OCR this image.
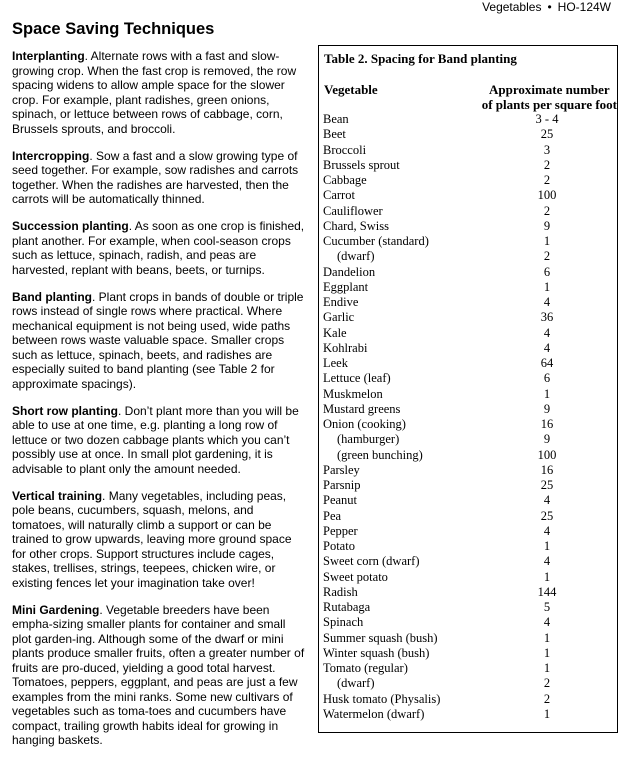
Vegetables • HO-124W
Space Saving Techniques
Interplanting. Alternate rows with a fast and slow-growing crop. When the fast crop is removed, the row spacing widens to allow ample space for the slower crop. For example, plant radishes, green onions, spinach, or lettuce between rows of cabbage, corn, Brussels sprouts, and broccoli.
Intercropping. Sow a fast and a slow growing type of seed together. For example, sow radishes and carrots together. When the radishes are harvested, then the carrots will be automatically thinned.
Succession planting. As soon as one crop is finished, plant another. For example, when cool-season crops such as lettuce, spinach, radish, and peas are harvested, replant with beans, beets, or turnips.
Band planting. Plant crops in bands of double or triple rows instead of single rows where practical. Where mechanical equipment is not being used, wide paths between rows waste valuable space. Smaller crops such as lettuce, spinach, beets, and radishes are especially suited to band planting (see Table 2 for approximate spacings).
Short row planting. Don’t plant more than you will be able to use at one time, e.g. planting a long row of lettuce or two dozen cabbage plants which you can’t possibly use at once. In small plot gardening, it is advisable to plant only the amount needed.
Vertical training. Many vegetables, including peas, pole beans, cucumbers, squash, melons, and tomatoes, will naturally climb a support or can be trained to grow upwards, leaving more ground space for other crops. Support structures include cages, stakes, trellises, strings, teepees, chicken wire, or existing fences let your imagination take over!
Mini Gardening. Vegetable breeders have been empha-sizing smaller plants for container and small plot garden-ing. Although some of the dwarf or mini plants produce smaller fruits, often a greater number of fruits are pro-duced, yielding a good total harvest. Tomatoes, peppers, eggplant, and peas are just a few examples from the mini ranks. Some new cultivars of vegetables such as toma-toes and cucumbers have compact, trailing growth habits ideal for growing in hanging baskets.
Table 2. Spacing for Band planting
Vegetable	Approximate number
of plants per square foot
Bean	3 - 4
Beet	25
Broccoli	3
Brussels sprout	2
Cabbage	2
Carrot	100
Cauliflower	2
Chard, Swiss	9
Cucumber (standard)	1
(dwarf)	2
Dandelion	6
Eggplant	1
Endive	4
Garlic	36
Kale	4
Kohlrabi	4
Leek	64
Lettuce (leaf)	6
Muskmelon	1
Mustard greens	9
Onion (cooking)	16
(hamburger)	9
(green bunching)	100
Parsley	16
Parsnip	25
Peanut	4
Pea	25
Pepper	4
Potato	1
Sweet corn (dwarf)	4
Sweet potato	1
Radish	144
Rutabaga	5
Spinach	4
Summer squash (bush)	1
Winter squash (bush)	1
Tomato (regular)	1
(dwarf)	2
Husk tomato (Physalis)	2
Watermelon (dwarf)	1
